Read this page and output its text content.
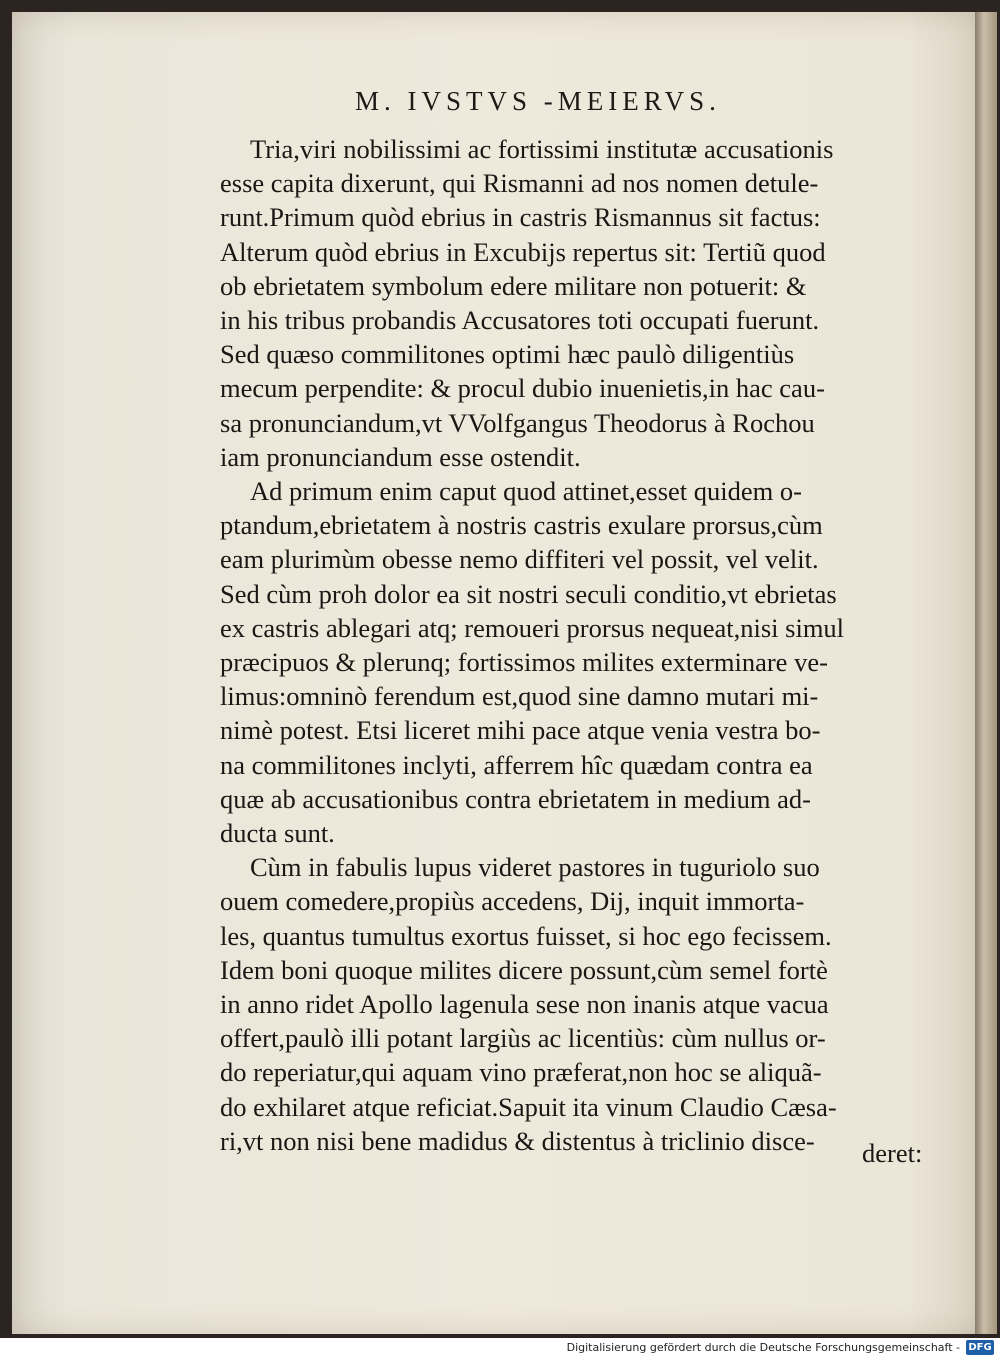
M. IVSTVS -MEIERVS.
Tria,viri nobilissimi ac fortissimi institutæ accusationis
esse capita dixerunt, qui Rismanni ad nos nomen detule-
runt.Primum quòd ebrius in castris Rismannus sit factus:
Alterum quòd ebrius in Excubijs repertus sit: Tertiũ quod
ob ebrietatem symbolum edere militare non potuerit: &
in his tribus probandis Accusatores toti occupati fuerunt.
Sed quæso commilitones optimi hæc paulò diligentiùs
mecum perpendite: & procul dubio inuenietis,in hac cau-
sa pronunciandum,vt VVolfgangus Theodorus à Rochou
iam pronunciandum esse ostendit.
Ad primum enim caput quod attinet,esset quidem o-
ptandum,ebrietatem à nostris castris exulare prorsus,cùm
eam plurimùm obesse nemo diffiteri vel possit, vel velit.
Sed cùm proh dolor ea sit nostri seculi conditio,vt ebrietas
ex castris ablegari atq; remoueri prorsus nequeat,nisi simul
præcipuos & plerunq; fortissimos milites exterminare ve-
limus:omninò ferendum est,quod sine damno mutari mi-
nimè potest. Etsi liceret mihi pace atque venia vestra bo-
na commilitones inclyti, afferrem hîc quædam contra ea
quæ ab accusationibus contra ebrietatem in medium ad-
ducta sunt.
Cùm in fabulis lupus videret pastores in tuguriolo suo
ouem comedere,propiùs accedens, Dij, inquit immorta-
les, quantus tumultus exortus fuisset, si hoc ego fecissem.
Idem boni quoque milites dicere possunt,cùm semel fortè
in anno ridet Apollo lagenula sese non inanis atque vacua
offert,paulò illi potant largiùs ac licentiùs: cùm nullus or-
do reperiatur,qui aquam vino præferat,non hoc se aliquã-
do exhilaret atque reficiat.Sapuit ita vinum Claudio Cæsa-
ri,vt non nisi bene madidus & distentus à triclinio disce-	deret:
Digitalisierung gefördert durch die Deutsche Forschungsgemeinschaft - DFG
